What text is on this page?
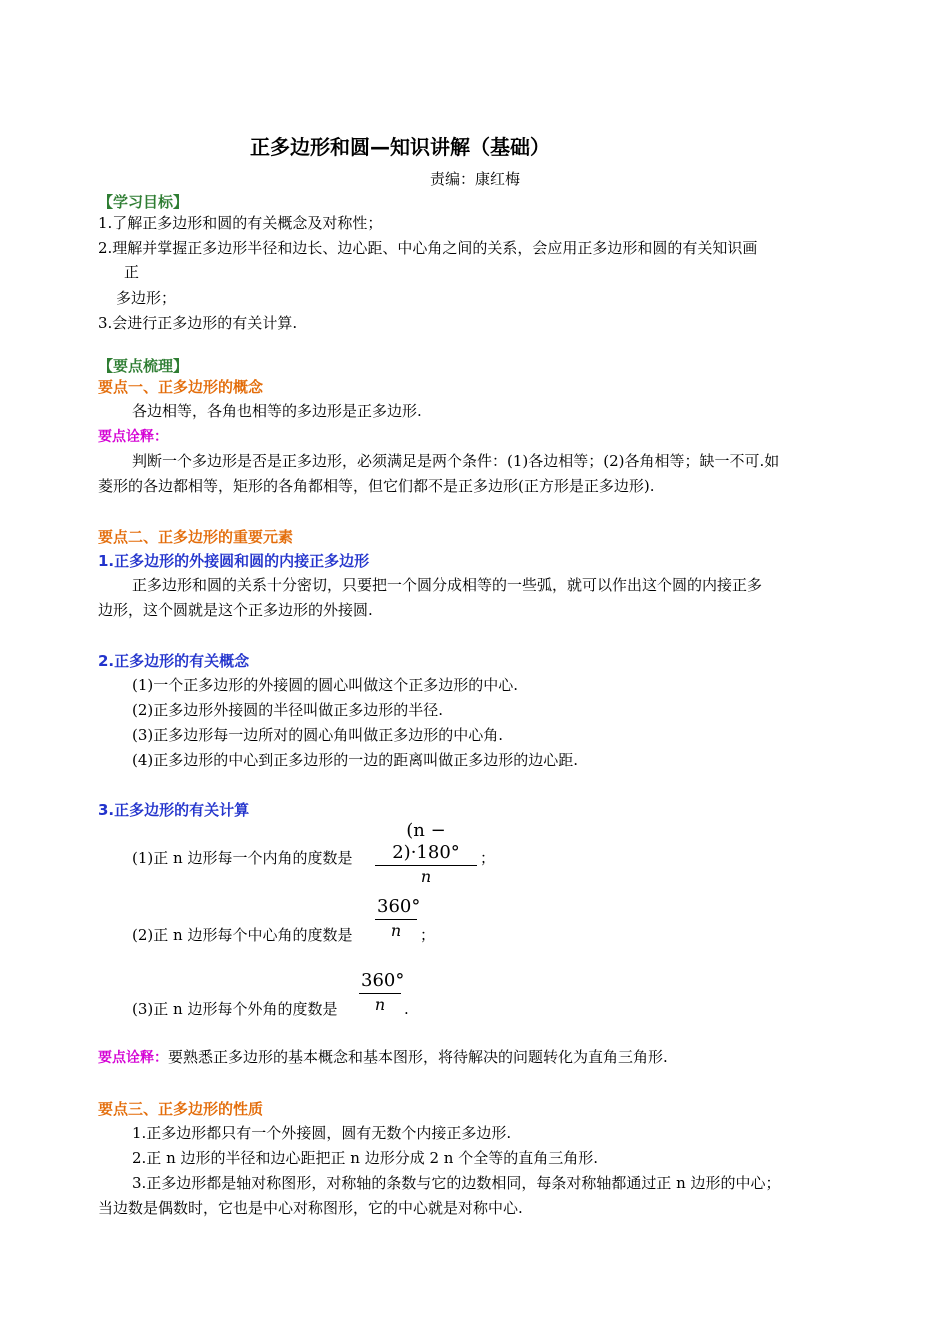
正多边形和圆—知识讲解（基础）
责编：康红梅
【学习目标】
1.了解正多边形和圆的有关概念及对称性；
2.理解并掌握正多边形半径和边长、边心距、中心角之间的关系，会应用正多边形和圆的有关知识画
正
多边形；
3.会进行正多边形的有关计算.
【要点梳理】
要点一、正多边形的概念
各边相等，各角也相等的多边形是正多边形.
要点诠释：
判断一个多边形是否是正多边形，必须满足是两个条件：(1)各边相等；(2)各角相等；缺一不可.如
菱形的各边都相等，矩形的各角都相等，但它们都不是正多边形(正方形是正多边形).
要点二、正多边形的重要元素
1.正多边形的外接圆和圆的内接正多边形
正多边形和圆的关系十分密切，只要把一个圆分成相等的一些弧，就可以作出这个圆的内接正多
边形，这个圆就是这个正多边形的外接圆.
2.正多边形的有关概念
(1)一个正多边形的外接圆的圆心叫做这个正多边形的中心.
(2)正多边形外接圆的半径叫做正多边形的半径.
(3)正多边形每一边所对的圆心角叫做正多边形的中心角.
(4)正多边形的中心到正多边形的一边的距离叫做正多边形的边心距.
3.正多边形的有关计算
(1)正 n 边形每一个内角的度数是
(n − 2)·180°
n
；
(2)正 n 边形每个中心角的度数是
360°
n	；
(3)正 n 边形每个外角的度数是
360°
n	.
要点诠释：要熟悉正多边形的基本概念和基本图形，将待解决的问题转化为直角三角形.
要点三、正多边形的性质
1.正多边形都只有一个外接圆，圆有无数个内接正多边形.
2.正 n 边形的半径和边心距把正 n 边形分成 2 n 个全等的直角三角形.
3.正多边形都是轴对称图形，对称轴的条数与它的边数相同，每条对称轴都通过正 n 边形的中心；
当边数是偶数时，它也是中心对称图形，它的中心就是对称中心.
